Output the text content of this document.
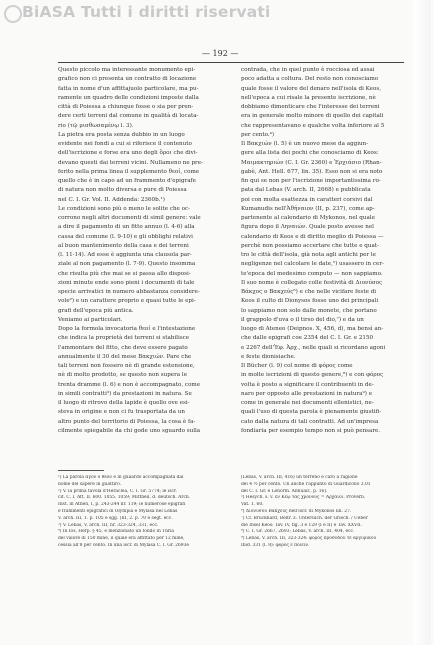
BiASA Tutti i diritti riservati
— 192 —
Questo piccolo ma interessante monumento epi-
grafico non ci presenta un contratto di locazione
fatta in nome d'un affittajuolo particolare, ma pu-
ramente un quadro delle condizioni imposte dalla
città di Poiessa a chiunque fosse o sia per pren-
dere certi terreni dal comune in qualità di locata-
rio (τῷ μισθωσαμένῳ l. 3).
La pietra era posta senza dubbio in un luogo
evidente nei fondi a cui si riferisce il contenuto
dell'iscrizione e forse era uno degli ὅροι che divi-
devano questi dai terreni vicini. Nullameno ne pre-
ferito nella prima linea il supplemento θεοί, come
quello che è in capo ad un frammento d'epigrafe
di natura non molto diversa e pure di Poiessa
nel C. I. Gr. Vol. II. Addenda: 2360b.¹)
Le condizioni sono più o meno le solite che oc-
corrono negli altri documenti di simil genere: vale
a dire il pagamento di un fitto annuo (l. 4-6) alla
cassa del comune (l. 9-10) e gli obblighi relativi
al buon mantenimento della casa e dei terreni
(l. 11-14). Ad esse è aggiunta una clausola par-
ziale al non pagamento (l. 7-9). Questo insomma
che risulta più che mai se si passa allo disposi-
zioni minute ende sono pieni i documenti di tale
specie arrivatici in numero abbastanza considere-
vole²) e un carattere proprio e quasi tutte le epi-
grafi dell'epoca più antica.
Veniamo ai particolari.
Dopo la formola invocatoria θεοί e l'intestazione
che indica la proprietà dei terreni si stabilisce
l'ammontare del fitto, che deve essere pagato
annualmente il 30 del mese Βακχιών. Pare che
tali terreni non fossero nè di grande estensione,
nè di molto prodotto, se questo non supera le
trenta dramme (l. 6) e non è accompagnato, come
in simili contratti³) da prestazioni in natura. Se
il luogo di ritrovo della lapide è quello ove esi-
steva in origine e non ci fu trasportata da un
altro punto del territorio di Poiessa, la cosa è fa-
cilmente spiegabile da chi gode uno sguardo sulla
contrada, che in quel punto è rocciosa ed assai
poco adatta a coltura. Del resto non conosciamo
quale fosse il valore del denaro nell'isola di Keos,
nell'epoca a cui risale la presente iscrizione, nè
dobbiamo dimenticare che l'interesse dei terreni
era in generale molto minore di quello dei capitali
che rappresentavano e qualche volta inferiore al 5
per cento.⁴)
Il Βακχιών (l. 5) è un nuovo mese da aggiun-
gere alla lista dei pochi che conosciamo di Keos:
Μαιμακτηριών (C. I. Gr. 2360) e Ἐρχιάσιο (Rhan-
gabè, Ant. Hell. 677, lin. 35). Esso non si era noto
fin qui se non per l'iscrizione importantissima ro-
pata dal Lebas (V. arch. II, 2668) e pubblicata
poi con molta esattezza in caratteri corsivi dal
Kumanudis nell'Ἀθήναιον (II, p. 237), come ap-
partenente al calendario di Mykonos, nel quale
figura dopo il Ληναιών. Quale posto avesse nel
calendario di Keos e di diritto meglio di Poiessa —
perchè non possiamo accertare che tutte e quat-
tro le città dell'isola, già nota agli antichi per le
negligenze nel calcolare le date,⁵) usassero in cer-
te'epoca del medesimo computo — non sappiamo.
Il suo nome è collegato colle festività di Διονύσος
Βάκχος o Βακχεύς⁶) e che nelle vicifare feste di
Keos il culto di Dionysos fosse uno dei principali
lo sappiamo non solo dalle monete, che portano
il grappolo d'uva o il tirso del dio,⁷) e da un
luogo di Ateneo (Deipnos. X, 456, d), ma bensì an-
che dalle epigrafi coe 2354 del C. I. Gr. e 2150
e 2267 dell'Ἐφ. Ἀρχ., nelle quali si ricordano agoni
e feste dionisiache.
Il Bücher (l. 9) col nome di φόρος come
in molte iscrizioni di questo genere,⁸) e con φόρος
volta è posto a significare il contribuenti in de-
naro per opposto alle prestazioni in natura⁹) e
come in generale nei documenti ellenistici, ne-
quali l'uso di questa parola è pienamente giustifi-
cato dalla natura di tali contratti. Ad un'impresa
fondiaria per esempio tempo non si può pensare.
¹) La parola ἄγον ὁ θεὸν è in guaardo accompagnata dal
nome del sapere in guattiro.
²) V. la prima tavola d'Heraclea, C. I. Gr. 5774; le iscr.
cit. C. I. Att. II. 600. 1055. 1059; Mittheil. d. deutsch. Arch.
Inst. in Athen, I, p. 243-244 nr. 119; le numerose epigrafi
e frammenti epigrafici di Olympia e Mylasa nel Lebas
V. arch. III, 1. p. 105 e sgg. (III, 2. p. 70 e segt. ecc.
³) V. Lebas, V. arch. III, nr. 323-324, 331, ecc.
⁴) In Ios, Herp. § 45, è menzionato un fondo in Thria
del valore di 150 mine, il quale era affittato per 12 mine,
cessia all'8 per cento. In una iscr. di Mylasa C. I. Gr. 2693e
(Lebas, V. arch. III, 416) un terreno è caro a ragione
del 4 ½ per cento. Un anche l'appunto di Guardicono 3.01
del C. I. Gr. e Lenorm. Annuair., p. 16).
⁵) Hesych. s. v. ἐν Κέῳ τὰς χρόνους = Ἀρχαῖοι. Proverb.
Vat. 1. 60.
⁶) Διονύσου Βακχεύς nell'iscr. di Mykonos lin. 27.
⁷) Cf. Bruckhard, Beitr. z. Untersuch. der Griech. / Ueber
die Insel Keos: Tav. IV, fig. 3 e 129 (I e II) e Tav. XXVII.
⁸) C. I. Gr. 2667, 2693; Lebas, V. arch. III, 404, ecc.
⁹) Lebas, V. arch. III, 323-324: φόρος προσόδου τε ἀργυρικοῦ
Ibid. 331 (l. 8): φόρος ἐ ποιεῖν.
